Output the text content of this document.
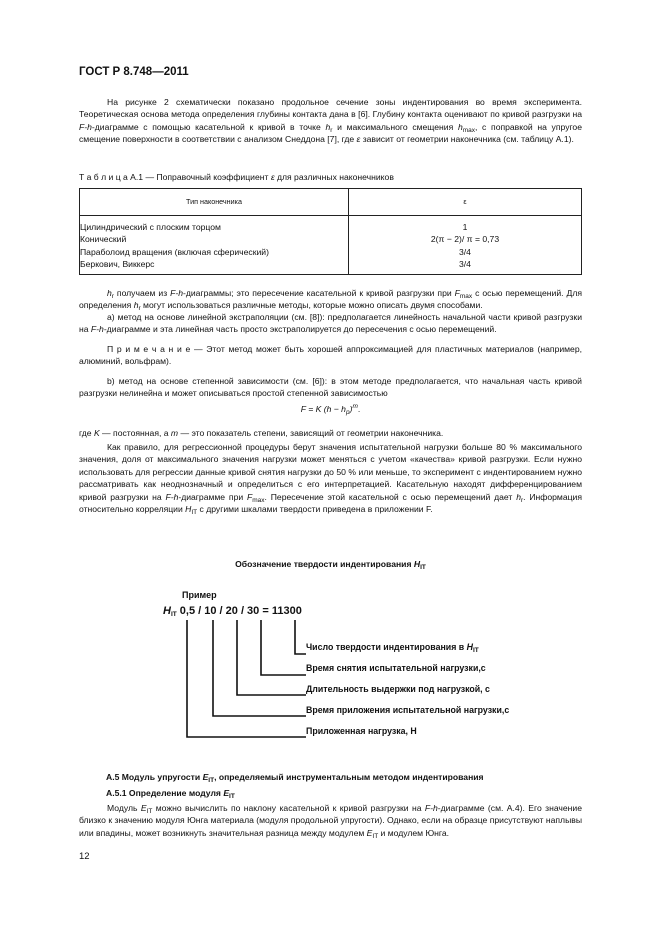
ГОСТ Р 8.748—2011
На рисунке 2 схематически показано продольное сечение зоны индентирования во время эксперимента. Теоретическая основа метода определения глубины контакта дана в [6]. Глубину контакта оценивают по кривой разгрузки на F-h-диаграмме с помощью касательной к кривой в точке $h_r$ и максимального смещения $h_{max}$, с поправкой на упругое смещение поверхности в соответствии с анализом Снеддона [7], где ε зависит от геометрии наконечника (см. таблицу А.1).
Т а б л и ц а А.1 — Поправочный коэффициент ε для различных наконечников
Тип наконечника	ε
Цилиндрический с плоским торцом	1
Конический	2(π − 2)/ π = 0,73
Параболоид вращения (включая сферический)	3/4
Беркович, Виккерс	3/4
$h_r$ получаем из F-h-диаграммы; это пересечение касательной к кривой разгрузки при $F_{max}$ с осью перемещений. Для определения $h_r$ могут использоваться различные методы, которые можно описать двумя способами.
a) метод на основе линейной экстраполяции (см. [8]): предполагается линейность начальной части кривой разгрузки на F-h-диаграмме и эта линейная часть просто экстраполируется до пересечения с осью перемещений.
П р и м е ч а н и е — Этот метод может быть хорошей аппроксимацией для пластичных материалов (например, алюминий, вольфрам).
b) метод на основе степенной зависимости (см. [6]): в этом методе предполагается, что начальная часть кривой разгрузки нелинейна и может описываться простой степенной зависимостью
F = K $(h - h_p)^m$.
где K — постоянная, а m — это показатель степени, зависящий от геометрии наконечника.
Как правило, для регрессионной процедуры берут значения испытательной нагрузки больше 80 % максимального значения, доля от максимального значения нагрузки может меняться с учетом «качества» кривой разгрузки. Если нужно использовать для регрессии данные кривой снятия нагрузки до 50 % или меньше, то эксперимент с индентированием нужно рассматривать как неоднозначный и определиться с его интерпретацией. Касательную находят дифференцированием кривой разгрузки на F-h-диаграмме при $F_{max}$. Пересечение этой касательной с осью перемещений дает $h_r$. Информация относительно корреляции $H_{IT}$ с другими шкалами твердости приведена в приложении F.
Обозначение твердости индентирования $H_{IT}$
Пример
$H_{IT}$ 0,5 / 10 / 20 / 30 = 11300
Число твердости индентирования в $H_{IT}$
Время снятия испытательной нагрузки,с
Длительность выдержки под нагрузкой, с
Время приложения испытательной нагрузки,с
Приложенная нагрузка, Н
А.5 Модуль упругости $E_{IT}$, определяемый инструментальным методом индентирования
А.5.1 Определение модуля $E_{IT}$
Модуль $E_{IT}$ можно вычислить по наклону касательной к кривой разгрузки на F-h-диаграмме (см. А.4). Его значение близко к значению модуля Юнга материала (модуля продольной упругости). Однако, если на образце присутствуют наплывы или впадины, может возникнуть значительная разница между модулем $E_{IT}$ и модулем Юнга.
12
